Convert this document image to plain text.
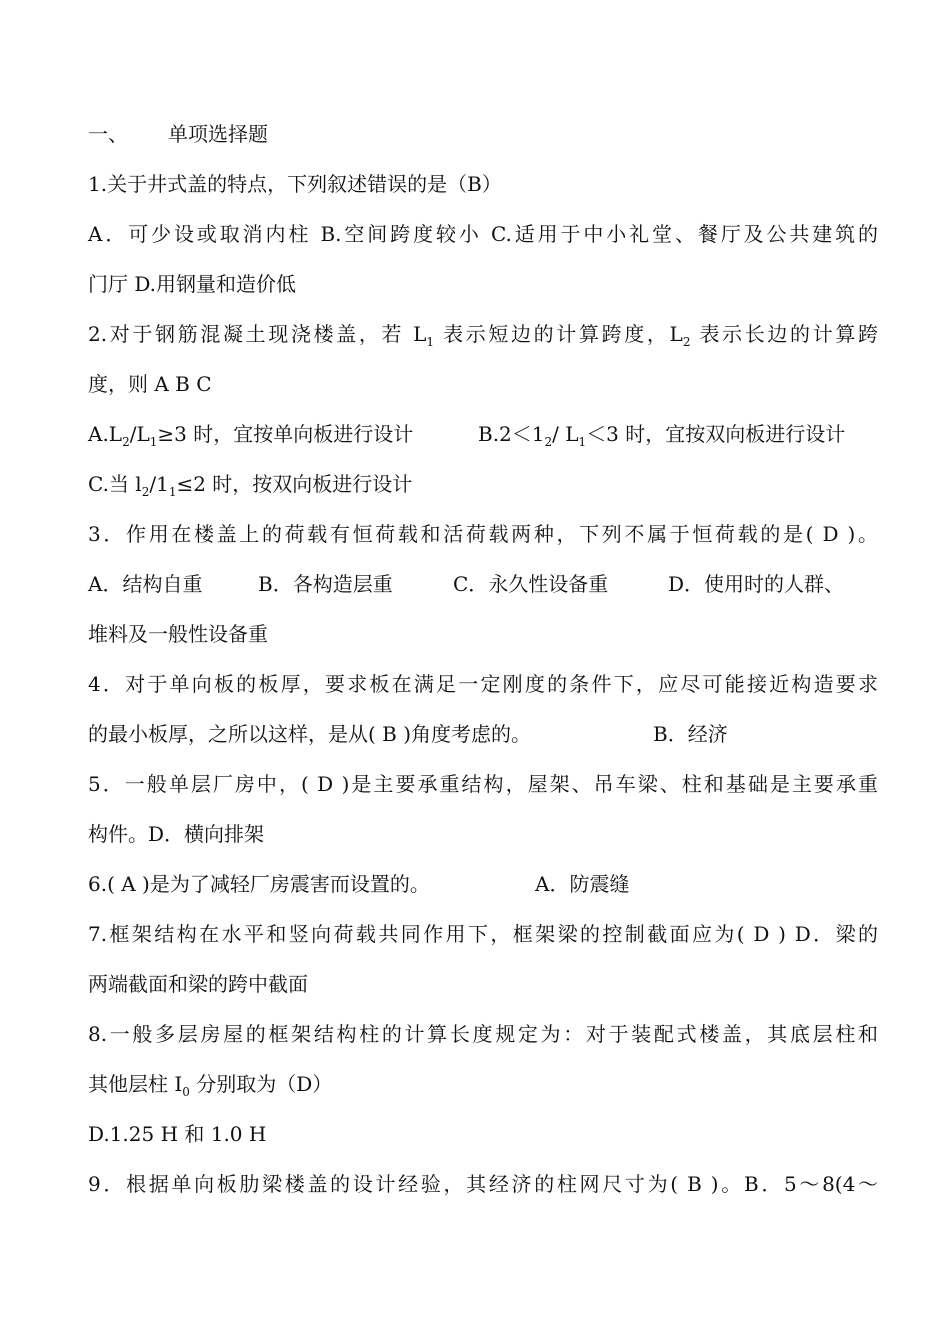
一、 单项选择题
1.关于井式盖的特点，下列叙述错误的是（B）
A．可少设或取消内柱 B.空间跨度较小 C.适用于中小礼堂、餐厅及公共建筑的
门厅 D.用钢量和造价低
2.对于钢筋混凝土现浇楼盖，若 $L_1$ 表示短边的计算跨度，$L_2$ 表示长边的计算跨
度，则 A B C
$A.L_2/L_1\ge 3$ 时，宜按单向板进行设计	$B.2<1_2/$ $L_1<3$ 时，宜按双向板进行设计
C.当 $l_2/1_1\le 2$ 时，按双向板进行设计
3．作用在楼盖上的荷载有恒荷载和活荷载两种，下列不属于恒荷载的是( D )。
A．结构自重	B．各构造层重	C．永久性设备重	D．使用时的人群、
堆料及一般性设备重
4．对于单向板的板厚，要求板在满足一定刚度的条件下，应尽可能接近构造要求
的最小板厚，之所以这样，是从( B )角度考虑的。	B．经济
5．一般单层厂房中，( D )是主要承重结构，屋架、吊车梁、柱和基础是主要承重
构件。D．横向排架
6.( A )是为了减轻厂房震害而设置的。	A．防震缝
7.框架结构在水平和竖向荷载共同作用下，框架梁的控制截面应为( D ) D．梁的
两端截面和梁的跨中截面
8.一般多层房屋的框架结构柱的计算长度规定为：对于装配式楼盖，其底层柱和
其他层柱 $I_0$ 分别取为（D）
D.1.25 H 和 1.0 H
9．根据单向板肋梁楼盖的设计经验，其经济的柱网尺寸为( B )。B．5～8(4～
